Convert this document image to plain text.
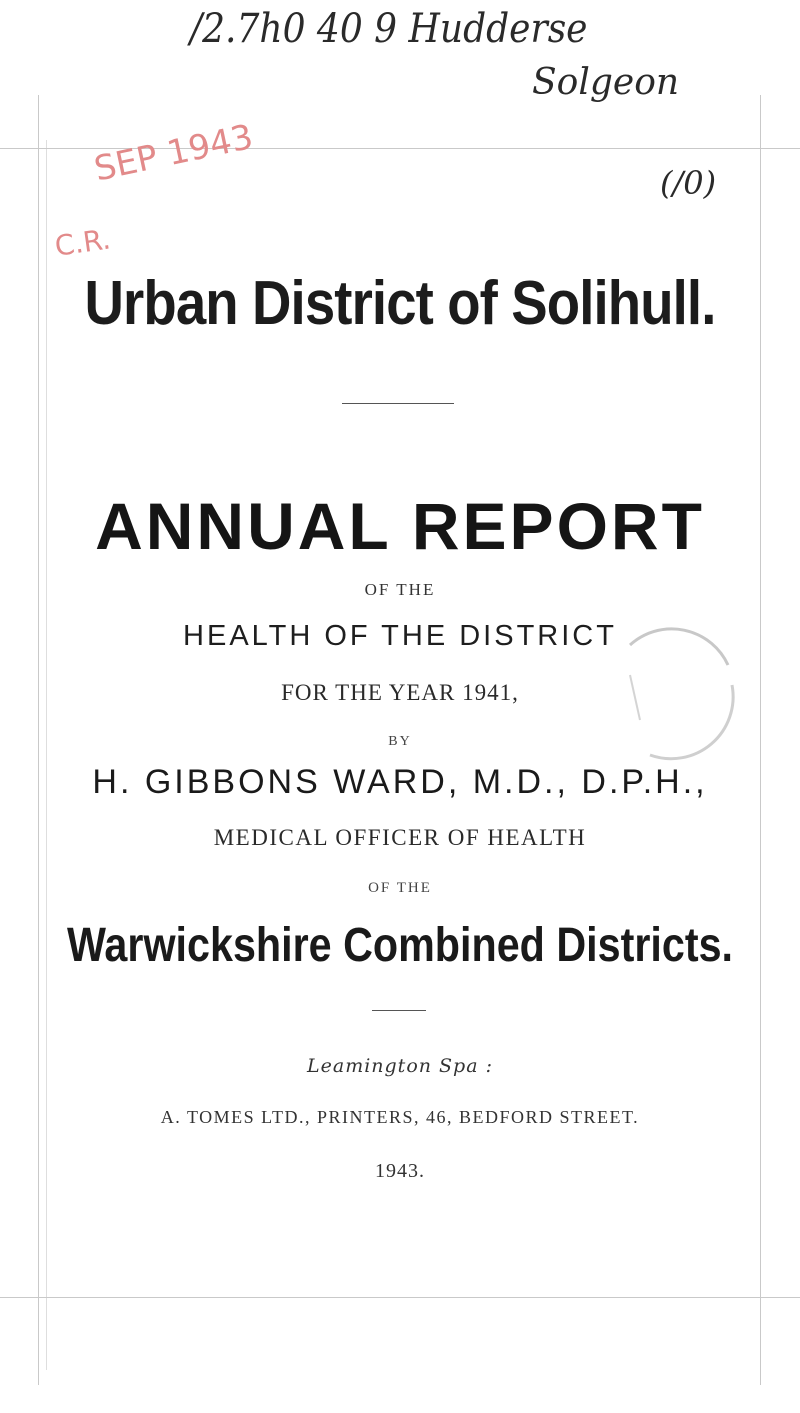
/2.7h0 40 9 Hudderse
Solgeon
(/0)
SEP 1943
C.R.
Urban District of Solihull.
ANNUAL REPORT
OF THE
HEALTH OF THE DISTRICT
FOR THE YEAR 1941,
BY
H. GIBBONS WARD, M.D., D.P.H.,
MEDICAL OFFICER OF HEALTH
OF THE
Warwickshire Combined Districts.
Leamington Spa :
A. TOMES LTD., PRINTERS, 46, BEDFORD STREET.
1943.
